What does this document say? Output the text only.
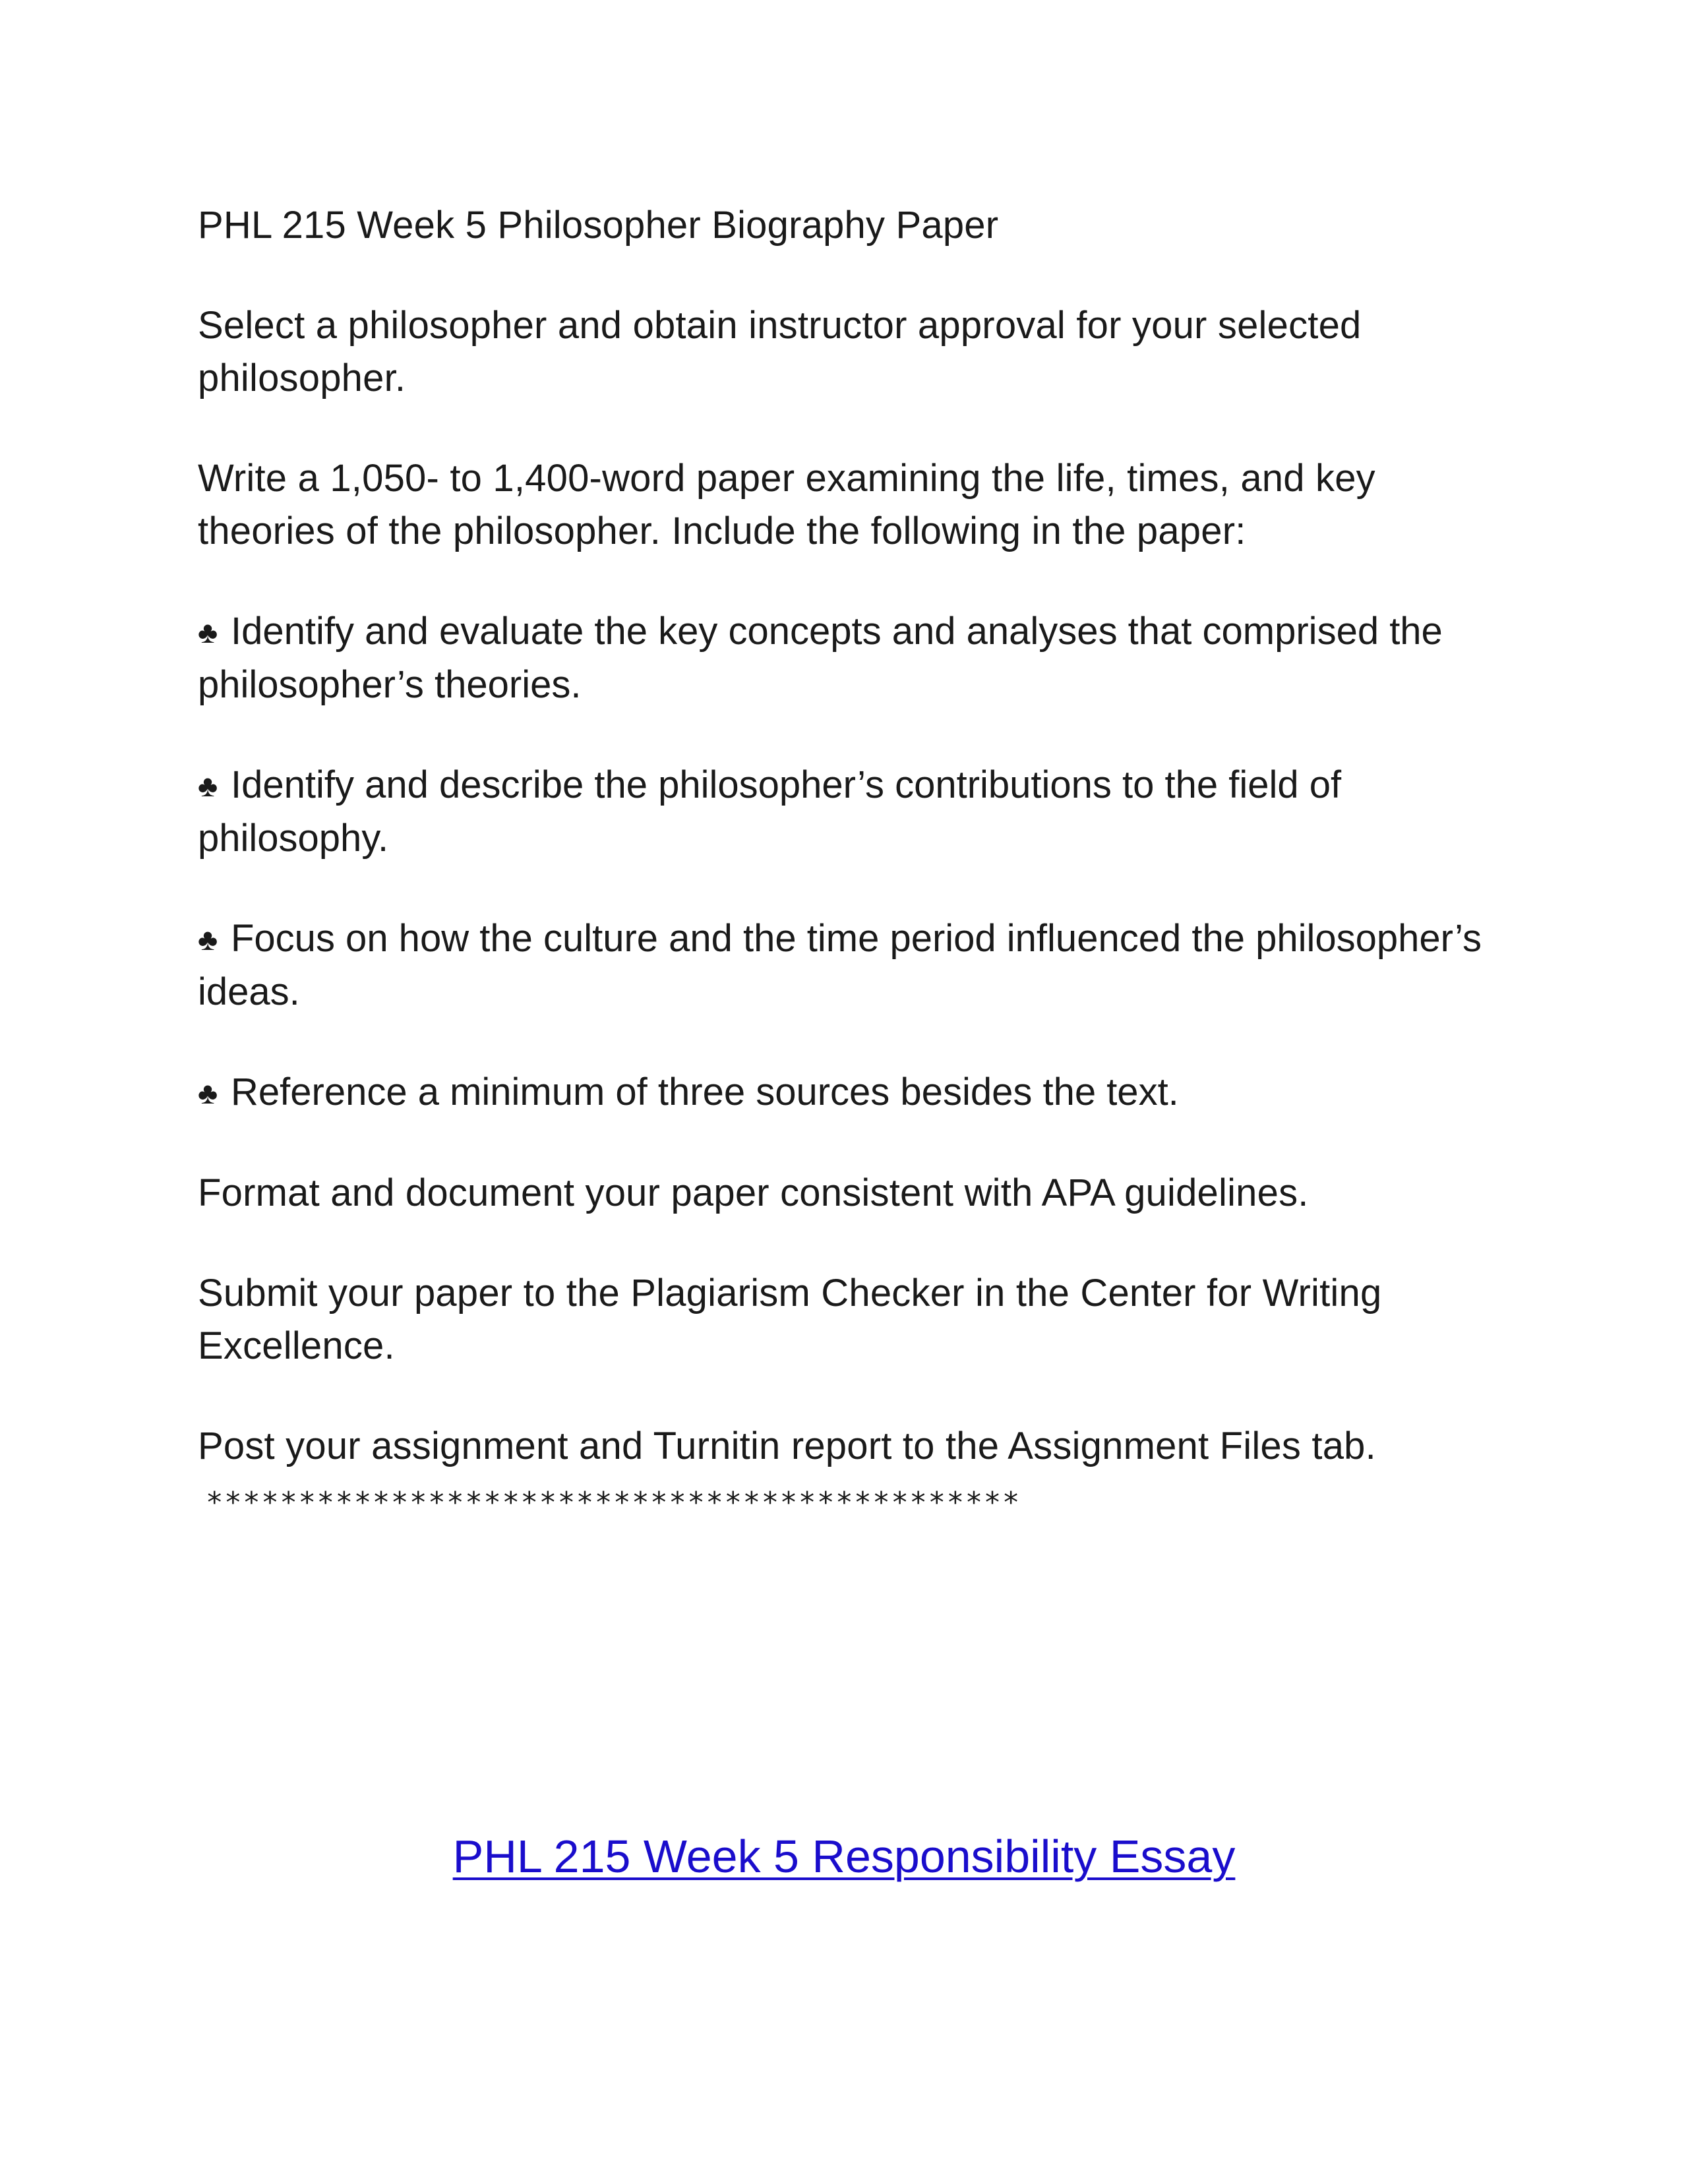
PHL 215 Week 5 Philosopher Biography Paper

Select a philosopher and obtain instructor approval for your selected philosopher.

Write a 1,050- to 1,400-word paper examining the life, times, and key theories of the philosopher. Include the following in the paper:

♣ Identify and evaluate the key concepts and analyses that comprised the philosopher’s theories.
♣ Identify and describe the philosopher’s contributions to the field of philosophy.
♣ Focus on how the culture and the time period influenced the philosopher’s ideas.
♣ Reference a minimum of three sources besides the text.

Format and document your paper consistent with APA guidelines.

Submit your paper to the Plagiarism Checker in the Center for Writing Excellence.

Post your assignment and Turnitin report to the Assignment Files tab.

********************************************
PHL 215 Week 5 Responsibility Essay
